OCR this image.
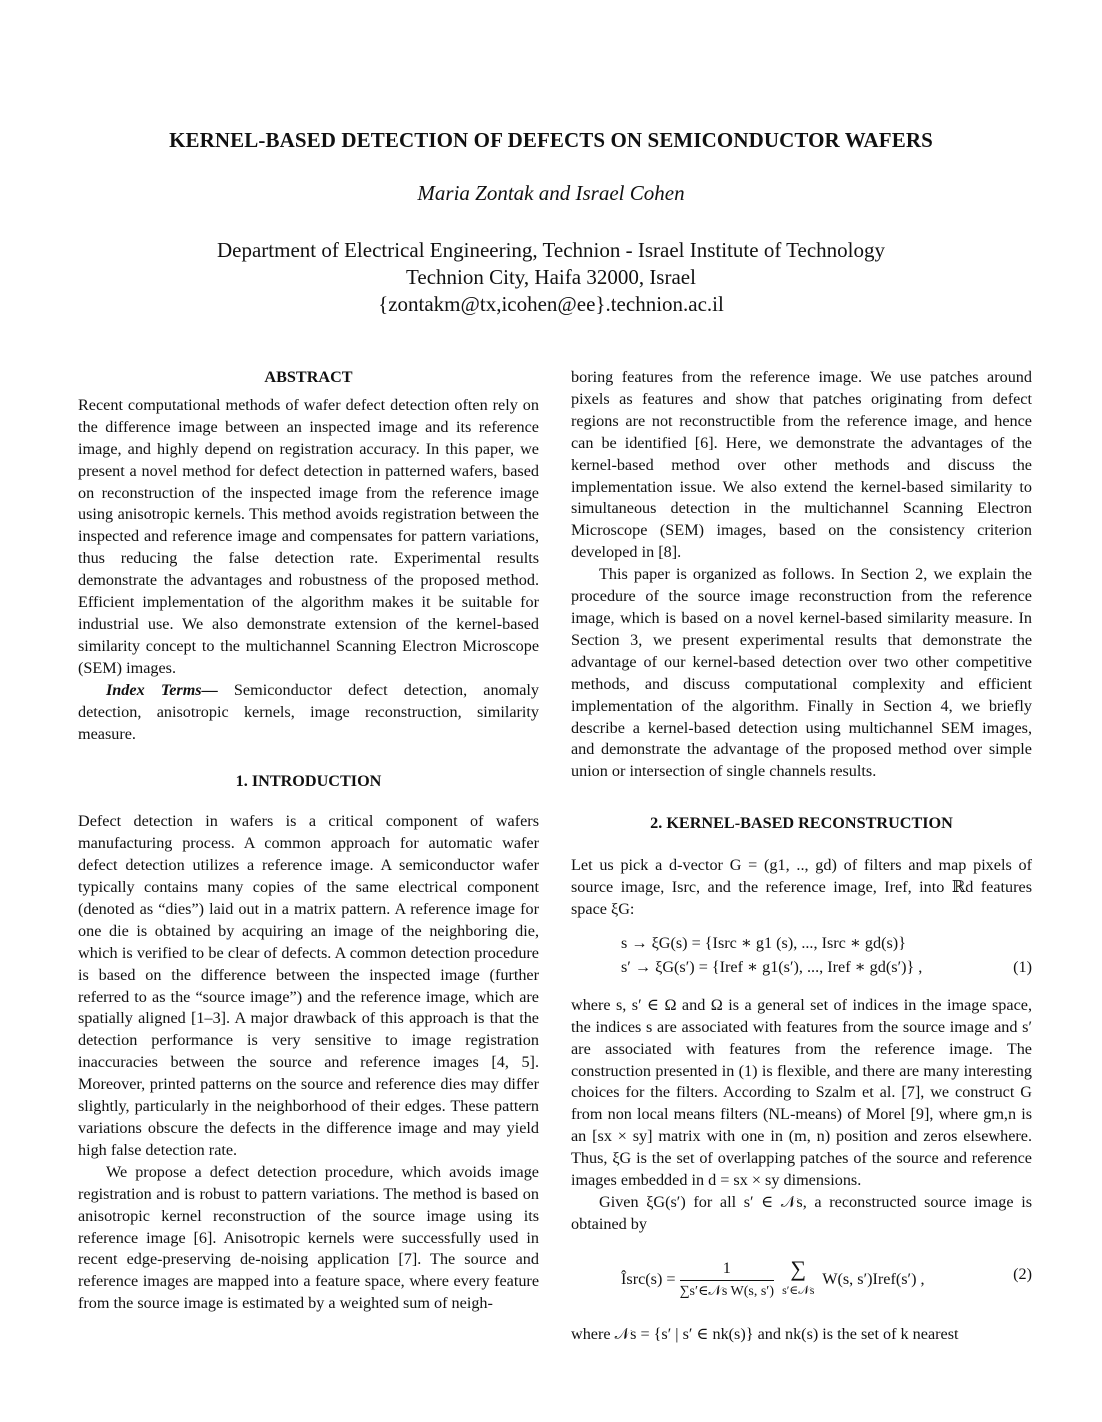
KERNEL-BASED DETECTION OF DEFECTS ON SEMICONDUCTOR WAFERS
Maria Zontak and Israel Cohen
Department of Electrical Engineering, Technion - Israel Institute of Technology
Technion City, Haifa 32000, Israel
{zontakm@tx,icohen@ee}.technion.ac.il
ABSTRACT

Recent computational methods of wafer defect detection often rely on the difference image between an inspected image and its reference image, and highly depend on registration accuracy. In this paper, we present a novel method for defect detection in patterned wafers, based on reconstruction of the inspected image from the reference image using anisotropic kernels. This method avoids registration between the inspected and reference image and compensates for pattern variations, thus reducing the false detection rate. Experimental results demonstrate the advantages and robustness of the proposed method. Efficient implementation of the algorithm makes it be suitable for industrial use. We also demonstrate extension of the kernel-based similarity concept to the multichannel Scanning Electron Microscope (SEM) images.

Index Terms— Semiconductor defect detection, anomaly detection, anisotropic kernels, image reconstruction, similarity measure.

1. INTRODUCTION

Defect detection in wafers is a critical component of wafers manufacturing process. A common approach for automatic wafer defect detection utilizes a reference image. A semiconductor wafer typically contains many copies of the same electrical component (denoted as “dies”) laid out in a matrix pattern. A reference image for one die is obtained by acquiring an image of the neighboring die, which is verified to be clear of defects. A common detection procedure is based on the difference between the inspected image (further referred to as the “source image”) and the reference image, which are spatially aligned [1–3]. A major drawback of this approach is that the detection performance is very sensitive to image registration inaccuracies between the source and reference images [4, 5]. Moreover, printed patterns on the source and reference dies may differ slightly, particularly in the neighborhood of their edges. These pattern variations obscure the defects in the difference image and may yield high false detection rate.

We propose a defect detection procedure, which avoids image registration and is robust to pattern variations. The method is based on anisotropic kernel reconstruction of the source image using its reference image [6]. Anisotropic kernels were successfully used in recent edge-preserving de-noising application [7]. The source and reference images are mapped into a feature space, where every feature from the source image is estimated by a weighted sum of neigh-

boring features from the reference image. We use patches around pixels as features and show that patches originating from defect regions are not reconstructible from the reference image, and hence can be identified [6]. Here, we demonstrate the advantages of the kernel-based method over other methods and discuss the implementation issue. We also extend the kernel-based similarity to simultaneous detection in the multichannel Scanning Electron Microscope (SEM) images, based on the consistency criterion developed in [8].

This paper is organized as follows. In Section 2, we explain the procedure of the source image reconstruction from the reference image, which is based on a novel kernel-based similarity measure. In Section 3, we present experimental results that demonstrate the advantage of our kernel-based detection over two other competitive methods, and discuss computational complexity and efficient implementation of the algorithm. Finally in Section 4, we briefly describe a kernel-based detection using multichannel SEM images, and demonstrate the advantage of the proposed method over simple union or intersection of single channels results.

2. KERNEL-BASED RECONSTRUCTION

Let us pick a d-vector G = (g1, .., gd) of filters and map pixels of source image, Isrc, and the reference image, Iref, into ℝd features space ξG:

s → ξG(s) = {Isrc ∗ g1 (s), ..., Isrc ∗ gd(s)}
s′ → ξG(s′) = {Iref ∗ g1(s′), ..., Iref ∗ gd(s′)} ,	(1)

where s, s′ ∈ Ω and Ω is a general set of indices in the image space, the indices s are associated with features from the source image and s′ are associated with features from the reference image. The construction presented in (1) is flexible, and there are many interesting choices for the filters. According to Szalm et al. [7], we construct G from non local means filters (NL-means) of Morel [9], where gm,n is an [sx × sy] matrix with one in (m, n) position and zeros elsewhere. Thus, ξG is the set of overlapping patches of the source and reference images embedded in d = sx × sy dimensions.

Given ξG(s′) for all s′ ∈ 𝒩s, a reconstructed source image is obtained by

Îsrc(s) = $\frac{1}{\text{∑s′∈𝒩s W(s, s′)}}$
∑
s′∈𝒩s
W(s, s′)Iref(s′) ,	(2)

where 𝒩s = {s′ | s′ ∈ nk(s)} and nk(s) is the set of k nearest
